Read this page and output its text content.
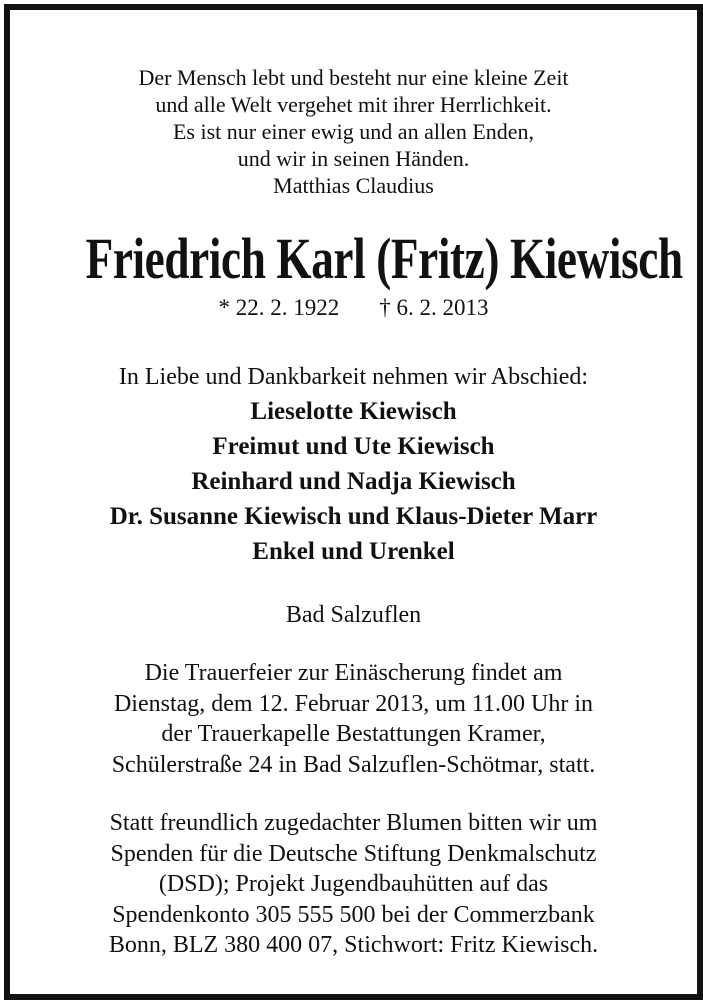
Der Mensch lebt und besteht nur eine kleine Zeit
und alle Welt vergehet mit ihrer Herrlichkeit.
Es ist nur einer ewig und an allen Enden,
und wir in seinen Händen.
Matthias Claudius
Friedrich Karl (Fritz) Kiewisch
* 22. 2. 1922 † 6. 2. 2013
In Liebe und Dankbarkeit nehmen wir Abschied:
Lieselotte Kiewisch
Freimut und Ute Kiewisch
Reinhard und Nadja Kiewisch
Dr. Susanne Kiewisch und Klaus-Dieter Marr
Enkel und Urenkel
Bad Salzuflen
Die Trauerfeier zur Einäscherung findet am
Dienstag, dem 12. Februar 2013, um 11.00 Uhr in
der Trauerkapelle Bestattungen Kramer,
Schülerstraße 24 in Bad Salzuflen-Schötmar, statt.
Statt freundlich zugedachter Blumen bitten wir um
Spenden für die Deutsche Stiftung Denkmalschutz
(DSD); Projekt Jugendbauhütten auf das
Spendenkonto 305 555 500 bei der Commerzbank
Bonn, BLZ 380 400 07, Stichwort: Fritz Kiewisch.
